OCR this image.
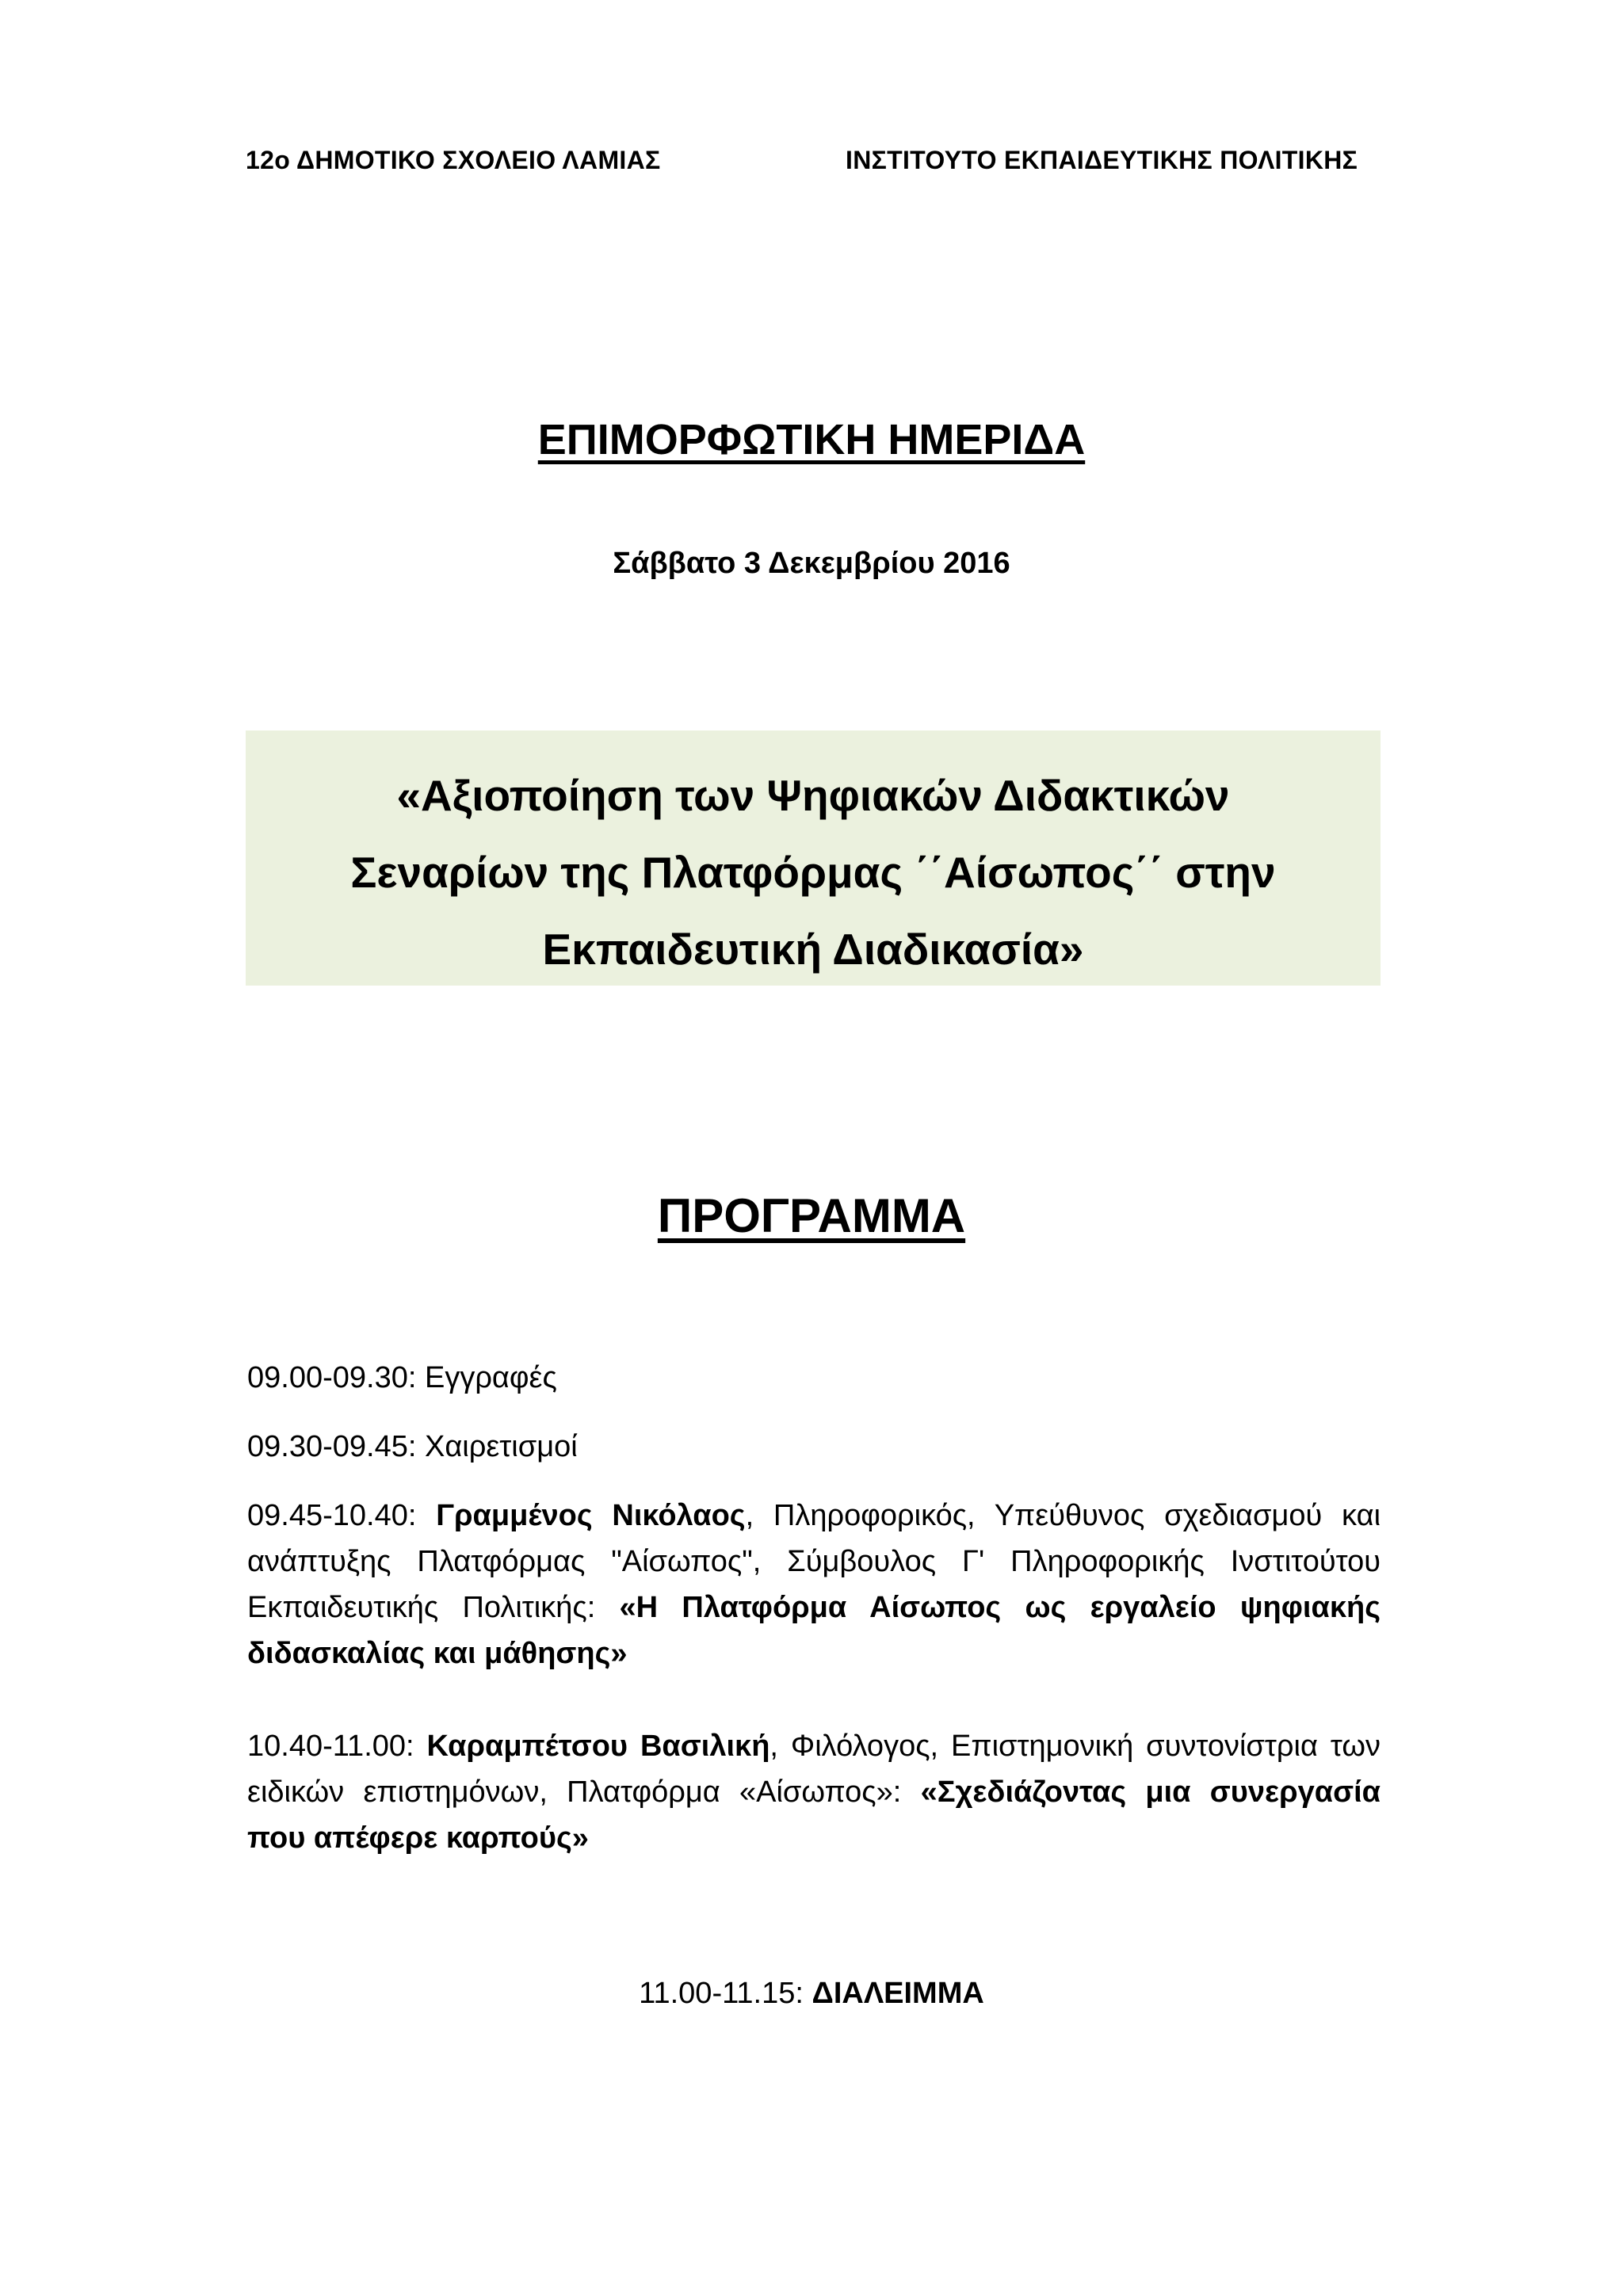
12ο ΔΗΜΟΤΙΚΟ ΣΧΟΛΕΙΟ ΛΑΜΙΑΣ	ΙΝΣΤΙΤΟΥΤΟ ΕΚΠΑΙΔΕΥΤΙΚΗΣ ΠΟΛΙΤΙΚΗΣ
ΕΠΙΜΟΡΦΩΤΙΚΗ ΗΜΕΡΙΔΑ
Σάββατο 3 Δεκεμβρίου 2016
«Αξιοποίηση των Ψηφιακών Διδακτικών
Σεναρίων της Πλατφόρμας ΄΄Αίσωπος΄΄ στην
Εκπαιδευτική Διαδικασία»
ΠΡΟΓΡΑΜΜΑ
09.00-09.30: Εγγραφές
09.30-09.45: Χαιρετισμοί
09.45-10.40: Γραμμένος Νικόλαος, Πληροφορικός, Υπεύθυνος σχεδιασμού και ανάπτυξης Πλατφόρμας "Αίσωπος", Σύμβουλος Γ' Πληροφορικής Ινστιτούτου Εκπαιδευτικής Πολιτικής: «Η Πλατφόρμα Αίσωπος ως εργαλείο ψηφιακής διδασκαλίας και μάθησης»
10.40-11.00: Καραμπέτσου Βασιλική, Φιλόλογος, Επιστημονική συντονίστρια των ειδικών επιστημόνων, Πλατφόρμα «Αίσωπος»: «Σχεδιάζοντας μια συνεργασία που απέφερε καρπούς»
11.00-11.15: ΔΙΑΛΕΙΜΜΑ
